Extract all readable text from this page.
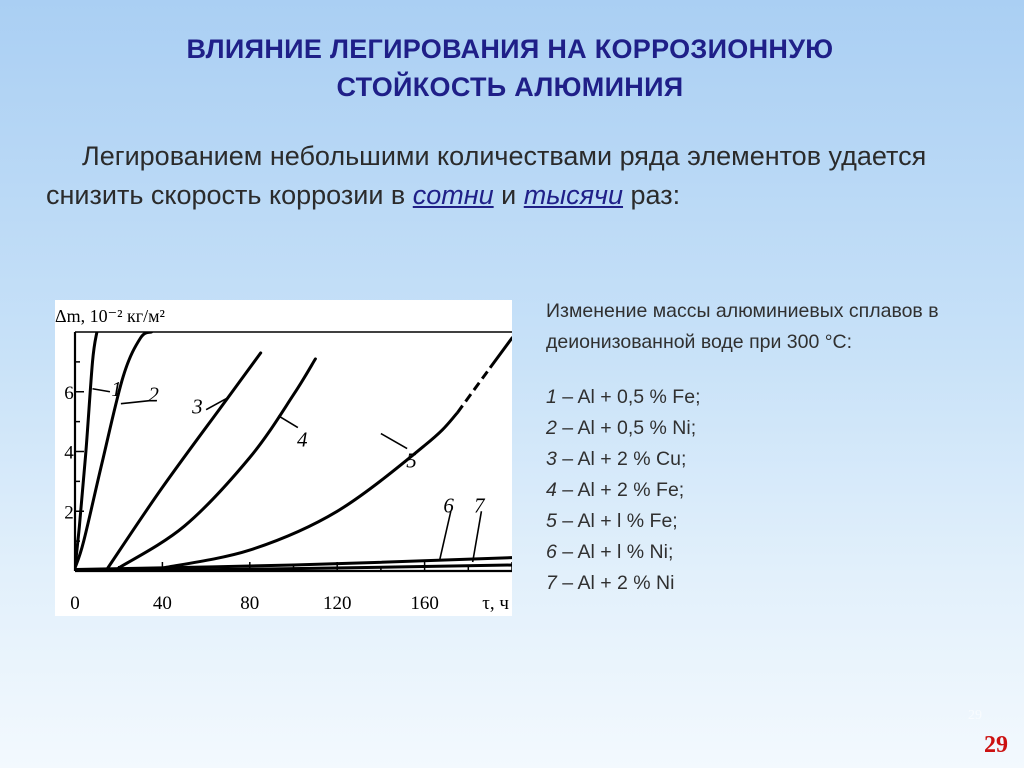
ВЛИЯНИЕ ЛЕГИРОВАНИЯ НА КОРРОЗИОННУЮ
СТОЙКОСТЬ АЛЮМИНИЯ

Легированием небольшими количествами ряда элементов удается снизить скорость коррозии в сотни и тысячи раз:

0	40	80	120	160
2
4
6
Δm, 10⁻² кг/м²
τ, ч
1 2 3
4
5
6 7
Изменение массы алюминиевых сплавов в деионизованной воде при 300 °С:
1 – Al + 0,5 % Fe;
2 – Al + 0,5 % Ni;
3 – Al + 2 % Cu;
4 – Al + 2 % Fe;
5 – Al + l % Fe;
6 – Al + l % Ni;
7 – Al + 2 % Ni
29
29
